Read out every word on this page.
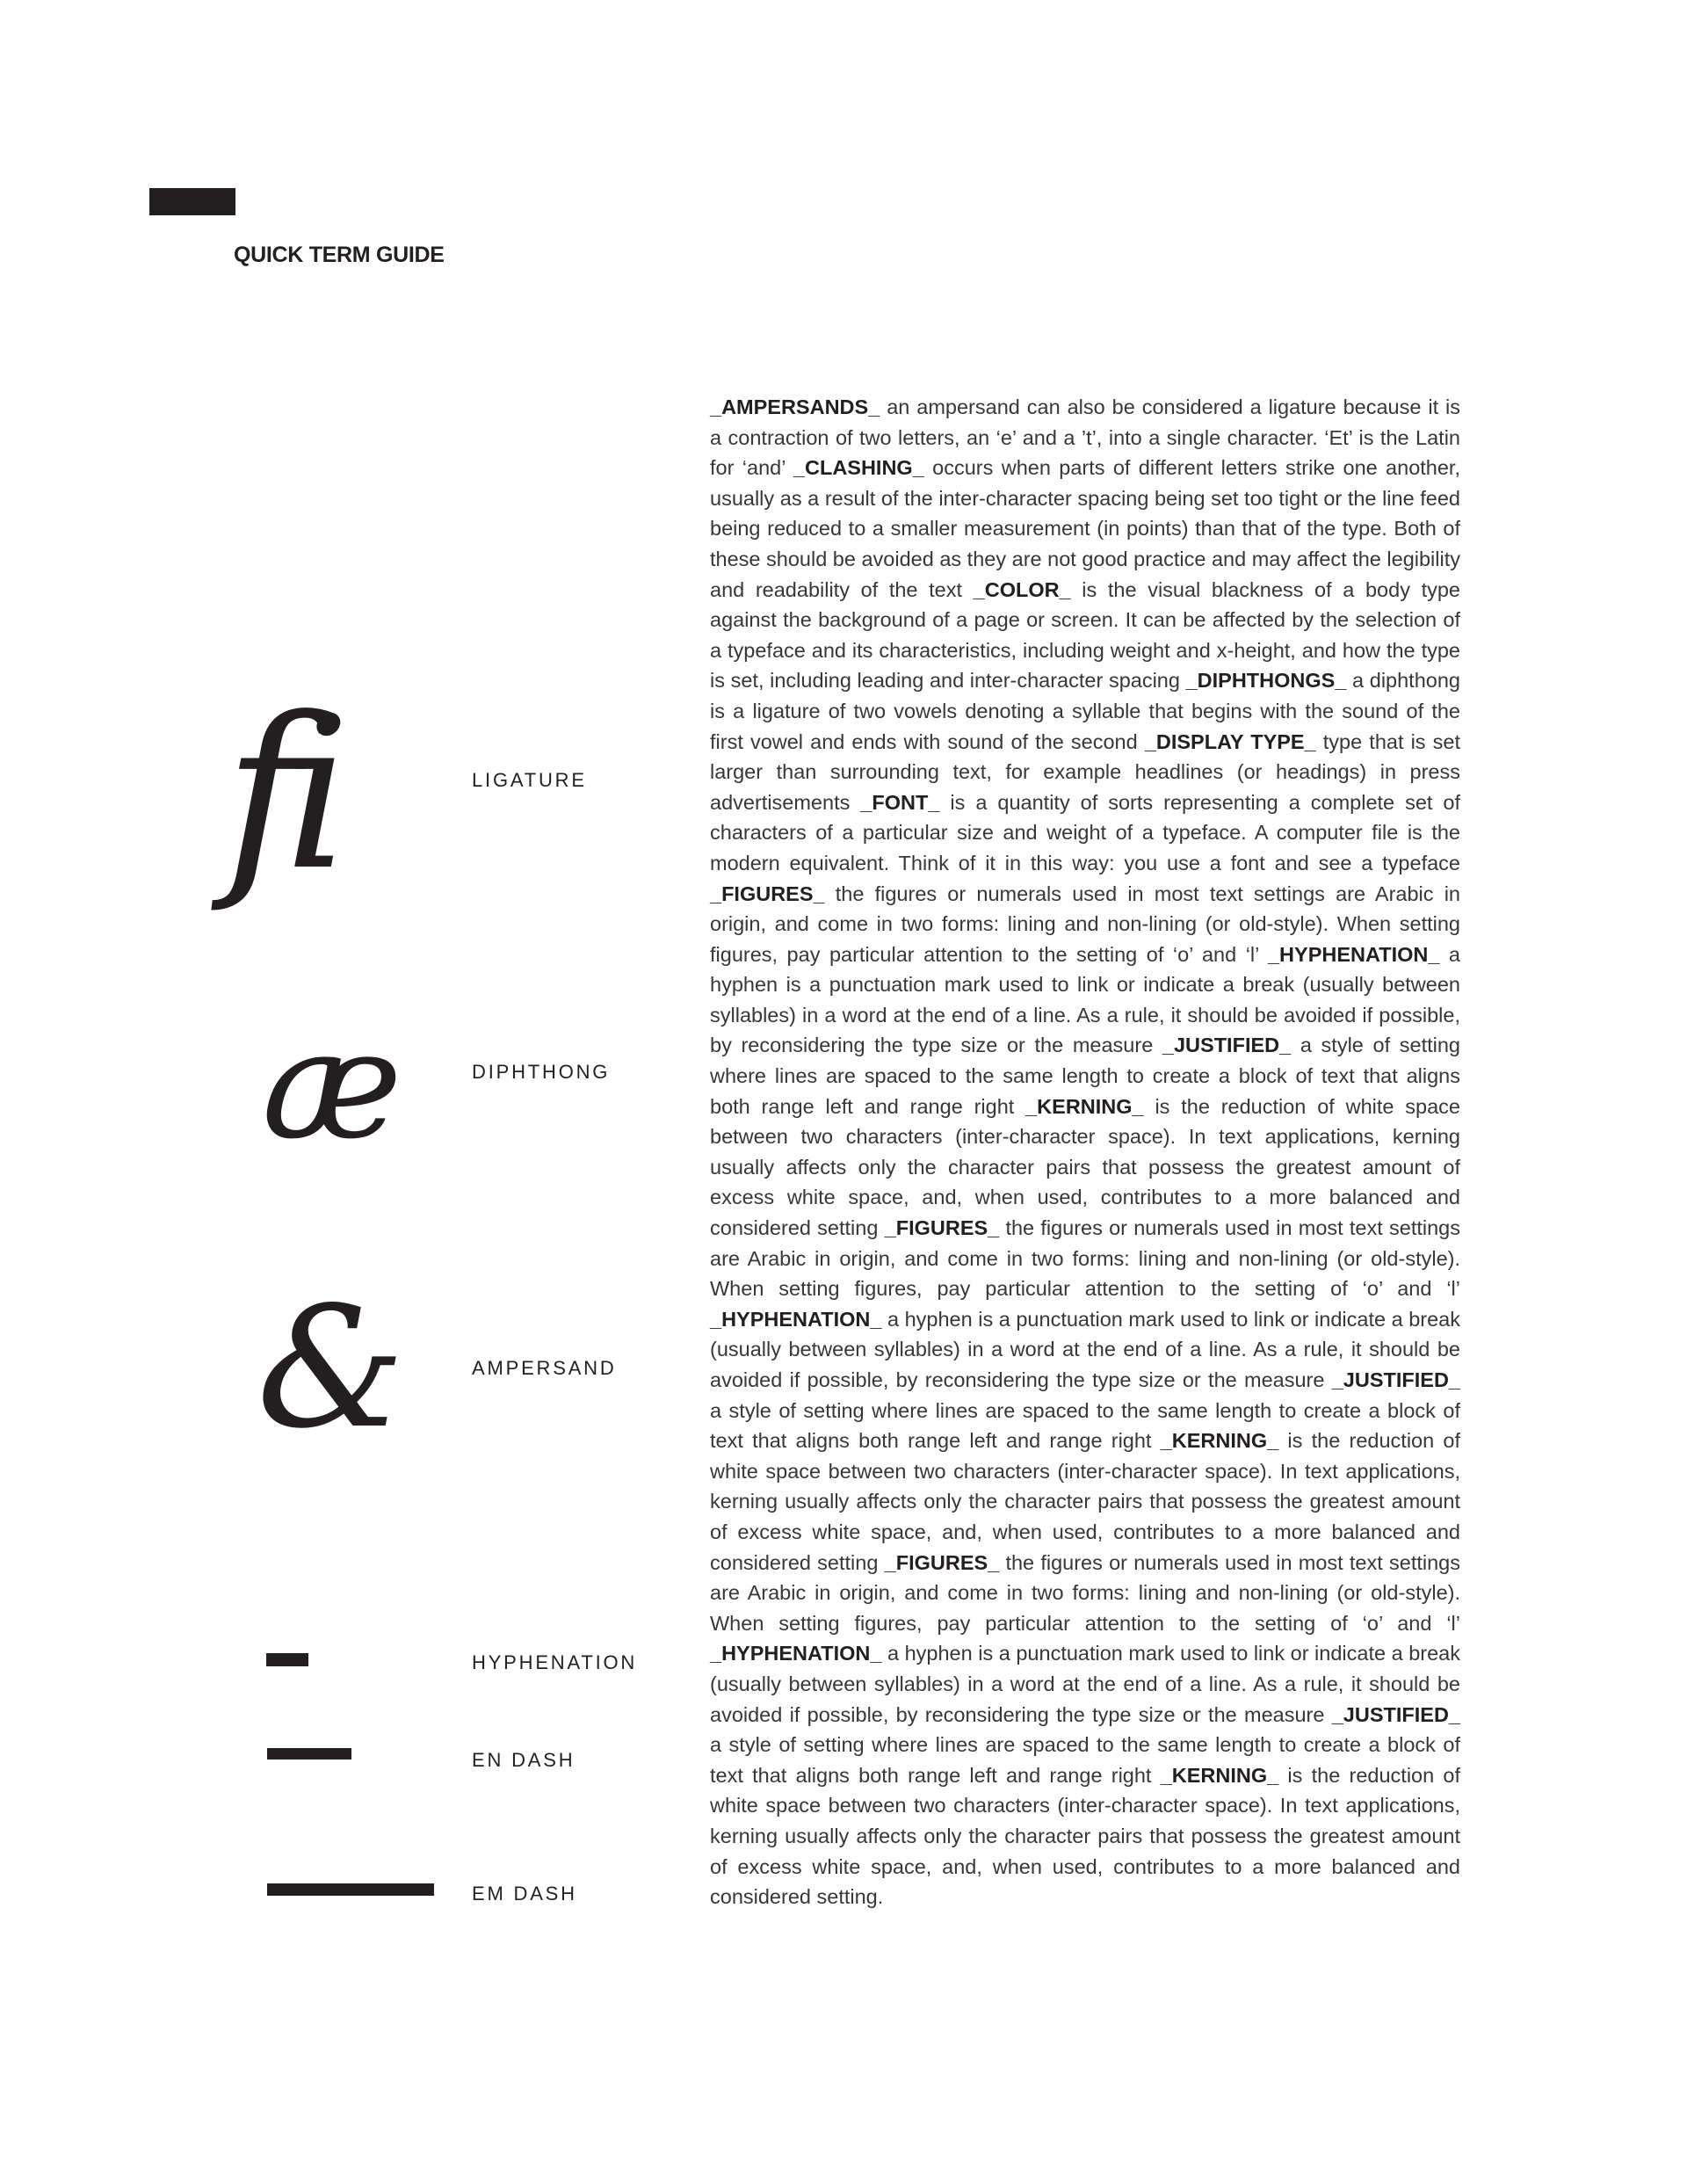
QUICK TERM GUIDE
fi
æ
&
LIGATURE
DIPHTHONG
AMPERSAND
HYPHENATION
EN DASH
EM DASH
_AMPERSANDS_ an ampersand can also be considered a ligature because it is a contraction of two letters, an ‘e’ and a ’t’, into a single character. ‘Et’ is the Latin for ‘and’ _CLASHING_ occurs when parts of different letters strike one another, usually as a result of the inter-character spacing being set too tight or the line feed being reduced to a smaller measurement (in points) than that of the type. Both of these should be avoided as they are not good practice and may affect the legibility and readability of the text _COLOR_ is the visual blackness of a body type against the background of a page or screen. It can be affected by the selection of a typeface and its characteristics, including weight and x-height, and how the type is set, including leading and inter-character spacing _DIPHTHONGS_ a diphthong is a ligature of two vowels denoting a syllable that begins with the sound of the first vowel and ends with sound of the second _DISPLAY TYPE_ type that is set larger than surrounding text, for example headlines (or headings) in press advertisements _FONT_ is a quantity of sorts representing a complete set of characters of a particular size and weight of a typeface. A computer file is the modern equivalent. Think of it in this way: you use a font and see a typeface _FIGURES_ the figures or numerals used in most text settings are Arabic in origin, and come in two forms: lining and non-lining (or old-style). When setting figures, pay particular attention to the setting of ‘o’ and ‘l’ _HYPHENATION_ a hyphen is a punctuation mark used to link or indicate a break (usually between syllables) in a word at the end of a line. As a rule, it should be avoided if possible, by reconsidering the type size or the measure _JUSTIFIED_ a style of setting where lines are spaced to the same length to create a block of text that aligns both range left and range right _KERNING_ is the reduction of white space between two characters (inter-character space). In text applications, kerning usually affects only the character pairs that possess the greatest amount of excess white space, and, when used, contributes to a more balanced and considered setting _FIGURES_ the figures or numerals used in most text settings are Arabic in origin, and come in two forms: lining and non-lining (or old-style). When setting figures, pay particular attention to the setting of ‘o’ and ‘l’ _HYPHENATION_ a hyphen is a punctuation mark used to link or indicate a break (usually between syllables) in a word at the end of a line. As a rule, it should be avoided if possible, by reconsidering the type size or the measure _JUSTIFIED_ a style of setting where lines are spaced to the same length to create a block of text that aligns both range left and range right _KERNING_ is the reduction of white space between two characters (inter-character space). In text applications, kerning usually affects only the character pairs that possess the greatest amount of excess white space, and, when used, contributes to a more balanced and considered setting _FIGURES_ the figures or numerals used in most text settings are Arabic in origin, and come in two forms: lining and non-lining (or old-style). When setting figures, pay particular attention to the setting of ‘o’ and ‘l’ _HYPHENATION_ a hyphen is a punctuation mark used to link or indicate a break (usually between syllables) in a word at the end of a line. As a rule, it should be avoided if possible, by reconsidering the type size or the measure _JUSTIFIED_ a style of setting where lines are spaced to the same length to create a block of text that aligns both range left and range right _KERNING_ is the reduction of white space between two characters (inter-character space). In text applications, kerning usually affects only the character pairs that possess the greatest amount of excess white space, and, when used, contributes to a more balanced and considered setting.
